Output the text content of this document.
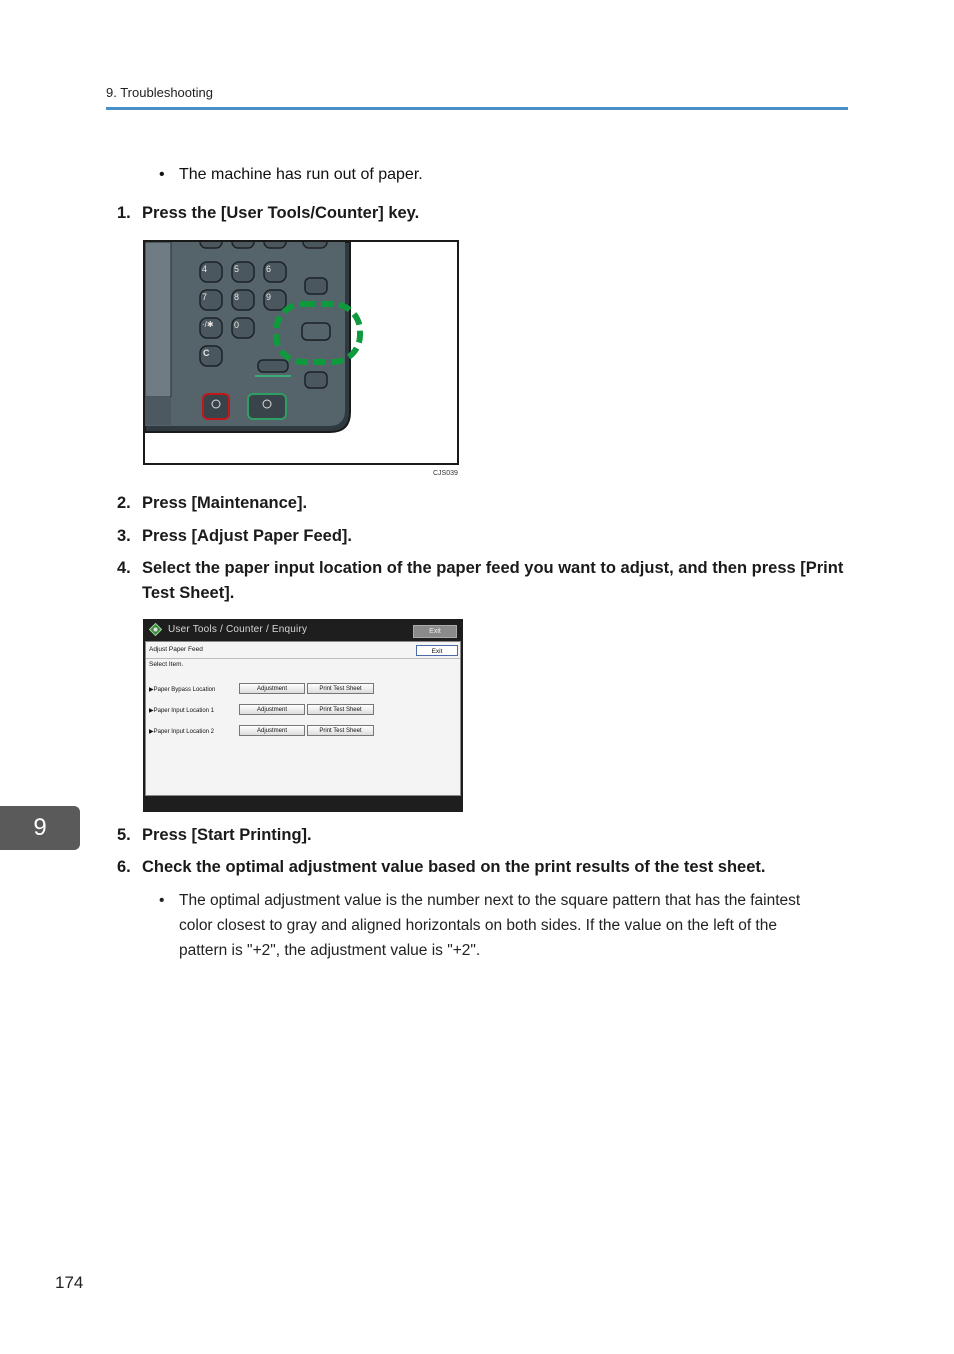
9. Troubleshooting
• The machine has run out of paper.
1. Press the [User Tools/Counter] key.
4	5	6
7	8	9
·/✱ 0
C
CJS039
2. Press [Maintenance].
3. Press [Adjust Paper Feed].
4. Select the paper input location of the paper feed you want to adjust, and then press [Print
Test Sheet].
User Tools / Counter / Enquiry	Exit
Adjust Paper Feed	Exit
Select Item.
▶Paper Bypass Location	Adjustment	Print Test Sheet
▶Paper Input Location 1	Adjustment	Print Test Sheet
▶Paper Input Location 2	Adjustment	Print Test Sheet
9	5. Press [Start Printing].
6. Check the optimal adjustment value based on the print results of the test sheet.
• The optimal adjustment value is the number next to the square pattern that has the faintest
color closest to gray and aligned horizontals on both sides. If the value on the left of the
pattern is "+2", the adjustment value is "+2".
174
